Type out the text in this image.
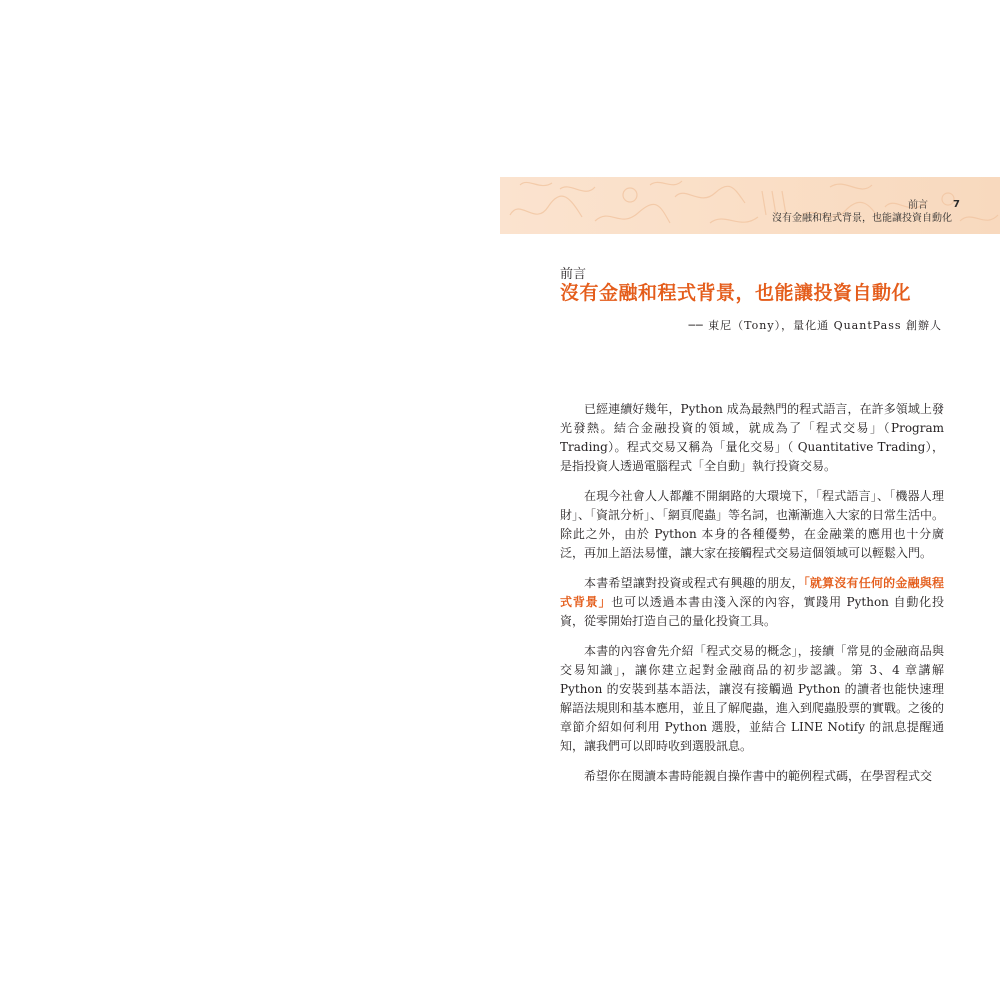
前言
沒有金融和程式背景，也能讓投資自動化
7
前言
沒有金融和程式背景，也能讓投資自動化
── 東尼（Tony），量化通 QuantPass 創辦人

已經連續好幾年，Python 成為最熱門的程式語言，在許多領域上發光發熱。結合金融投資的領域，就成為了「程式交易」（Program Trading）。程式交易又稱為「量化交易」（ Quantitative Trading），是指投資人透過電腦程式「全自動」執行投資交易。

在現今社會人人都離不開網路的大環境下，「程式語言」、「機器人理財」、「資訊分析」、「網頁爬蟲」等名詞，也漸漸進入大家的日常生活中。除此之外，由於 Python 本身的各種優勢，在金融業的應用也十分廣泛，再加上語法易懂，讓大家在接觸程式交易這個領域可以輕鬆入門。

本書希望讓對投資或程式有興趣的朋友，「就算沒有任何的金融與程式背景」也可以透過本書由淺入深的內容，實踐用 Python 自動化投資，從零開始打造自己的量化投資工具。

本書的內容會先介紹「程式交易的概念」，接續「常見的金融商品與交易知識」，讓你建立起對金融商品的初步認識。第 3、4 章講解 Python 的安裝到基本語法，讓沒有接觸過 Python 的讀者也能快速理解語法規則和基本應用，並且了解爬蟲，進入到爬蟲股票的實戰。之後的章節介紹如何利用 Python 選股，並結合 LINE Notify 的訊息提醒通知，讓我們可以即時收到選股訊息。

希望你在閱讀本書時能親自操作書中的範例程式碼，在學習程式交
